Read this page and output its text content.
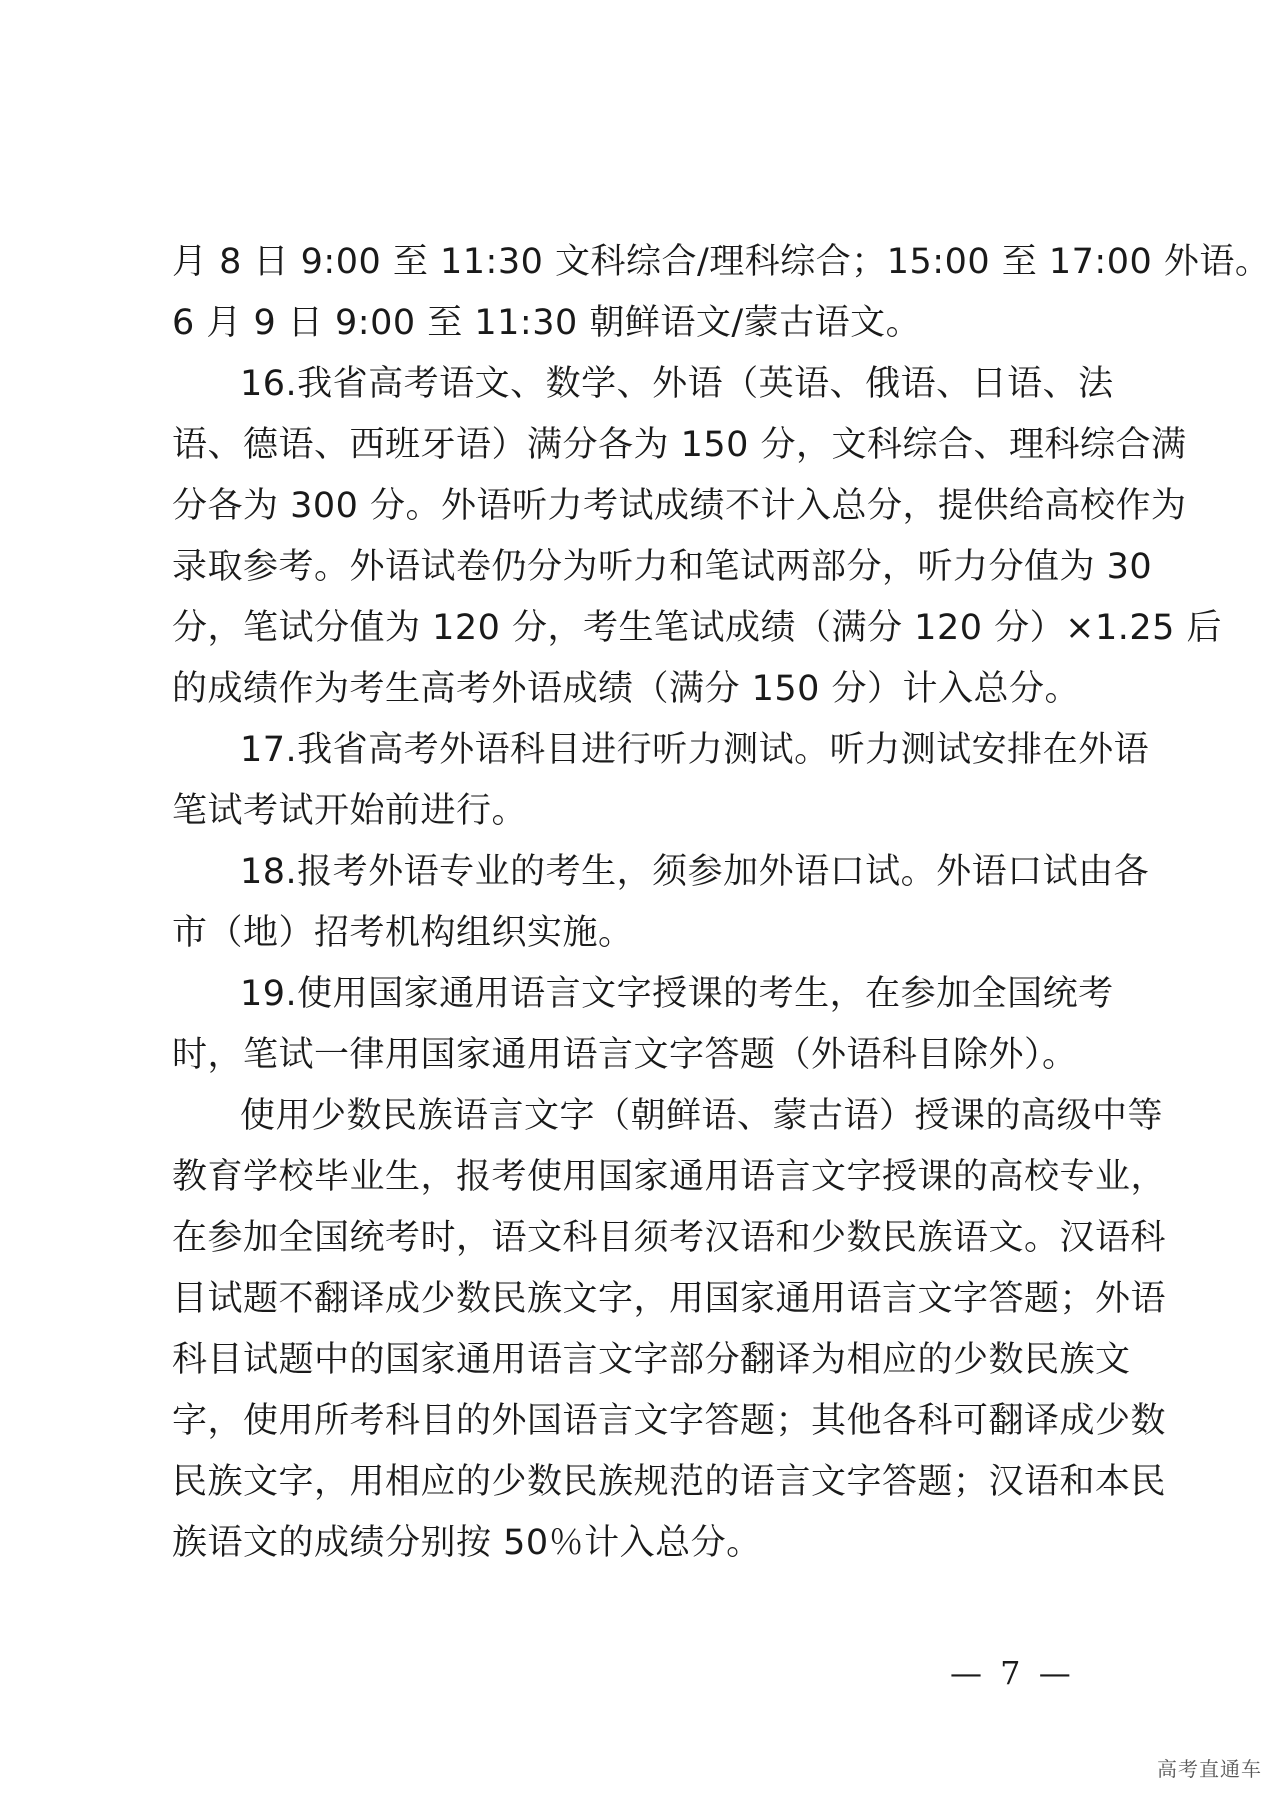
月 8 日 9:00 至 11:30 文科综合/理科综合；15:00 至 17:00 外语。
6 月 9 日 9:00 至 11:30 朝鲜语文/蒙古语文。
16.我省高考语文、数学、外语（英语、俄语、日语、法
语、德语、西班牙语）满分各为 150 分，文科综合、理科综合满
分各为 300 分。外语听力考试成绩不计入总分，提供给高校作为
录取参考。外语试卷仍分为听力和笔试两部分，听力分值为 30
分，笔试分值为 120 分，考生笔试成绩（满分 120 分）×1.25 后
的成绩作为考生高考外语成绩（满分 150 分）计入总分。
17.我省高考外语科目进行听力测试。听力测试安排在外语
笔试考试开始前进行。
18.报考外语专业的考生，须参加外语口试。外语口试由各
市（地）招考机构组织实施。
19.使用国家通用语言文字授课的考生，在参加全国统考
时，笔试一律用国家通用语言文字答题（外语科目除外）。
使用少数民族语言文字（朝鲜语、蒙古语）授课的高级中等
教育学校毕业生，报考使用国家通用语言文字授课的高校专业，
在参加全国统考时，语文科目须考汉语和少数民族语文。汉语科
目试题不翻译成少数民族文字，用国家通用语言文字答题；外语
科目试题中的国家通用语言文字部分翻译为相应的少数民族文
字，使用所考科目的外国语言文字答题；其他各科可翻译成少数
民族文字，用相应的少数民族规范的语言文字答题；汉语和本民
族语文的成绩分别按 50％计入总分。
— 7 —
高考直通车
